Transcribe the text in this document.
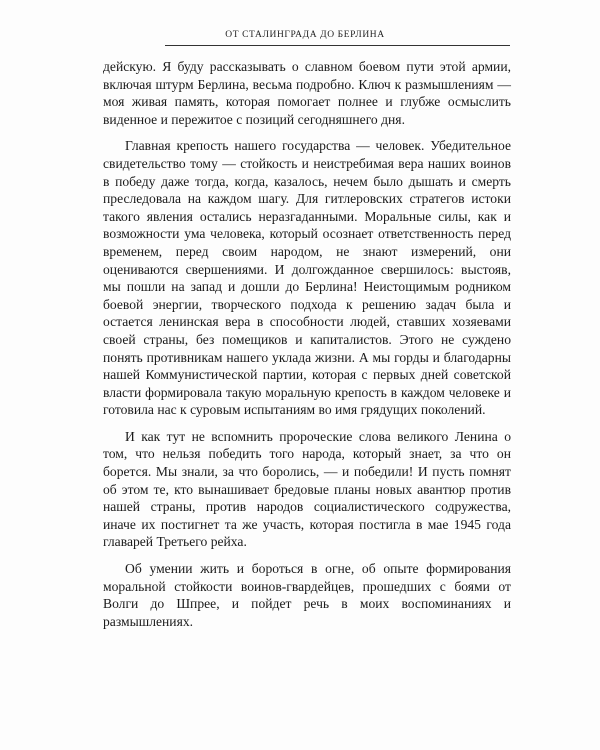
ОТ СТАЛИНГРАДА ДО БЕРЛИНА

дейскую. Я буду рассказывать о славном боевом пути этой армии, включая штурм Берлина, весьма подробно. Ключ к размышлениям — моя живая память, которая помогает полнее и глубже осмыслить виденное и пережитое с позиций сегодняшнего дня.

Главная крепость нашего государства — человек. Убедительное свидетельство тому — стойкость и неистребимая вера наших воинов в победу даже тогда, когда, казалось, нечем было дышать и смерть преследовала на каждом шагу. Для гитлеровских стратегов истоки такого явления остались неразгаданными. Моральные силы, как и возможности ума человека, который осознает ответственность перед временем, перед своим народом, не знают измерений, они оцениваются свершениями. И долгожданное свершилось: выстояв, мы пошли на запад и дошли до Берлина! Неистощимым родником боевой энергии, творческого подхода к решению задач была и остается ленинская вера в способности людей, ставших хозяевами своей страны, без помещиков и капиталистов. Этого не суждено понять противникам нашего уклада жизни. А мы горды и благодарны нашей Коммунистической партии, которая с первых дней советской власти формировала такую моральную крепость в каждом человеке и готовила нас к суровым испытаниям во имя грядущих поколений.

И как тут не вспомнить пророческие слова великого Ленина о том, что нельзя победить того народа, который знает, за что он борется. Мы знали, за что боролись, — и победили! И пусть помнят об этом те, кто вынашивает бредовые планы новых авантюр против нашей страны, против народов социалистического содружества, иначе их постигнет та же участь, которая постигла в мае 1945 года главарей Третьего рейха.

Об умении жить и бороться в огне, об опыте формирования моральной стойкости воинов-гвардейцев, прошедших с боями от Волги до Шпрее, и пойдет речь в моих воспоминаниях и размышлениях.
